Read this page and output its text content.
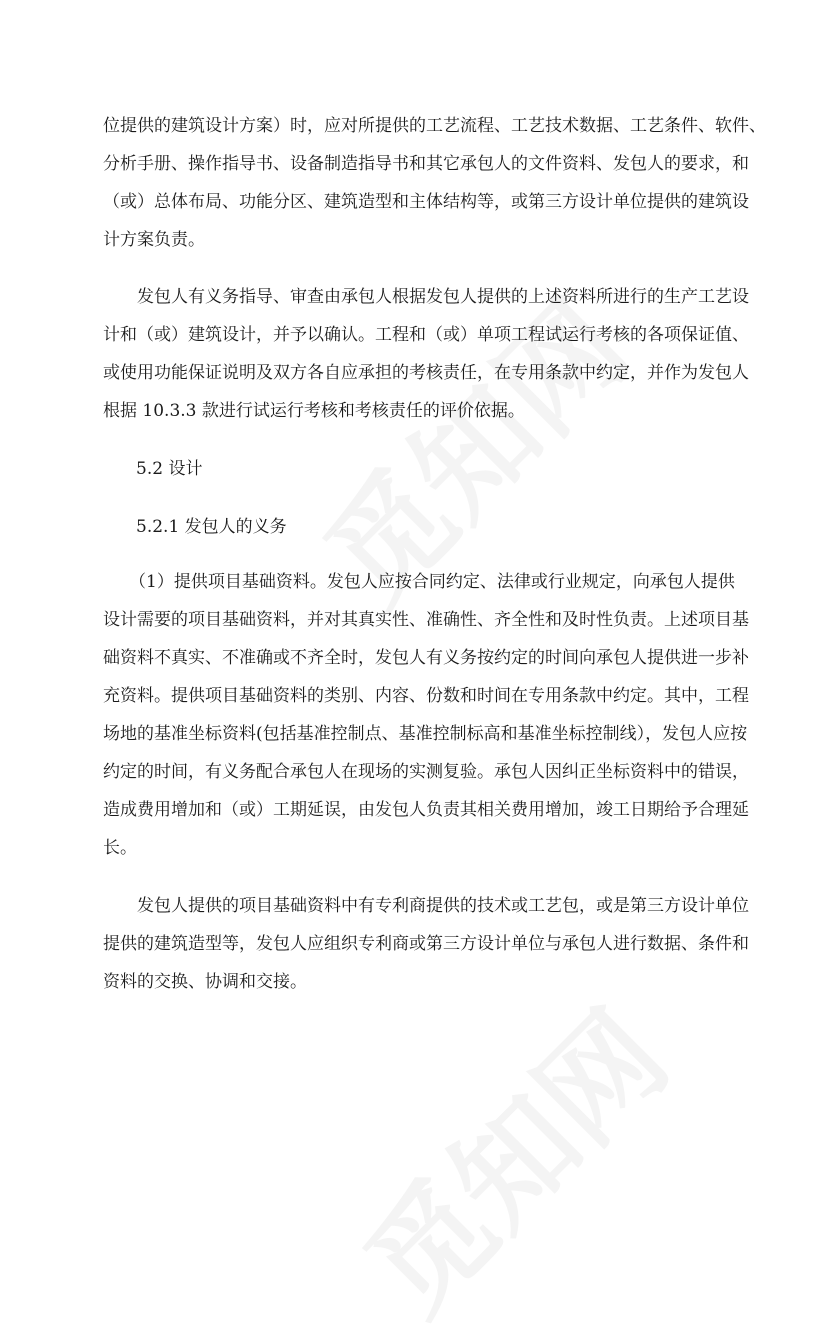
位提供的建筑设计方案）时，应对所提供的工艺流程、工艺技术数据、工艺条件、软件、
分析手册、操作指导书、设备制造指导书和其它承包人的文件资料、发包人的要求，和
（或）总体布局、功能分区、建筑造型和主体结构等，或第三方设计单位提供的建筑设
计方案负责。
发包人有义务指导、审查由承包人根据发包人提供的上述资料所进行的生产工艺设
计和（或）建筑设计，并予以确认。工程和（或）单项工程试运行考核的各项保证值、
或使用功能保证说明及双方各自应承担的考核责任，在专用条款中约定，并作为发包人
根据 10.3.3 款进行试运行考核和考核责任的评价依据。
5.2 设计
5.2.1 发包人的义务
（1）提供项目基础资料。发包人应按合同约定、法律或行业规定，向承包人提供
设计需要的项目基础资料，并对其真实性、准确性、齐全性和及时性负责。上述项目基
础资料不真实、不准确或不齐全时，发包人有义务按约定的时间向承包人提供进一步补
充资料。提供项目基础资料的类别、内容、份数和时间在专用条款中约定。其中，工程
场地的基准坐标资料(包括基准控制点、基准控制标高和基准坐标控制线），发包人应按
约定的时间，有义务配合承包人在现场的实测复验。承包人因纠正坐标资料中的错误，
造成费用增加和（或）工期延误，由发包人负责其相关费用增加，竣工日期给予合理延
长。
发包人提供的项目基础资料中有专利商提供的技术或工艺包，或是第三方设计单位
提供的建筑造型等，发包人应组织专利商或第三方设计单位与承包人进行数据、条件和
资料的交换、协调和交接。
